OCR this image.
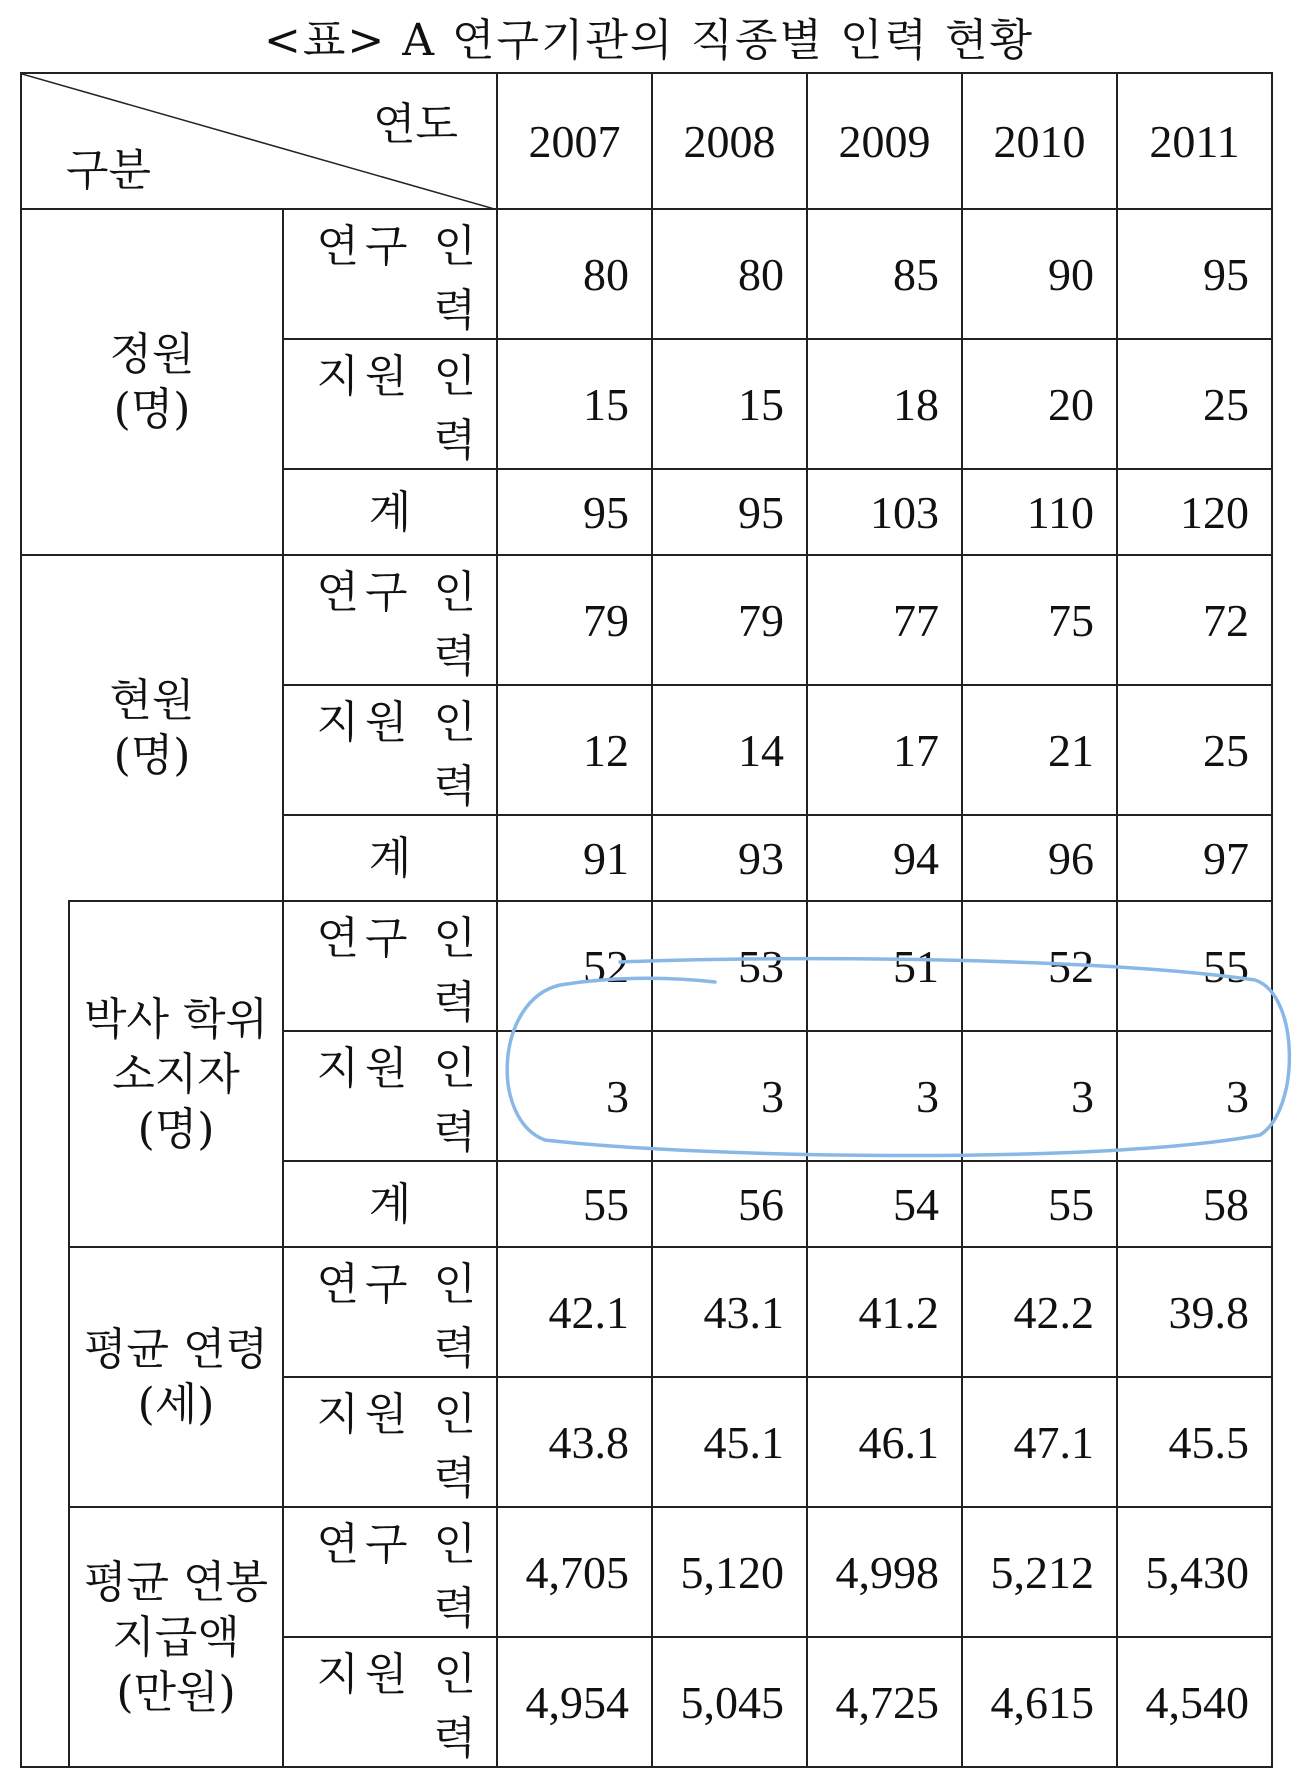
<표> A 연구기관의 직종별 인력 현황
연도
구분			2007	2008	2009	2010	2011

정원
(명)		연구 인력	80	80	85	90	95
		지원 인력	15	15	18	20	25
		계	95	95	103	110	120

현원
(명)		연구 인력	79	79	77	75	72
		지원 인력	12	14	17	21	25
		계	91	93	94	96	97

	박사 학위
소지자
(명)	연구 인력	52	53	51	52	55
		지원 인력	3	3	3	3	3
		계	55	56	54	55	58

	평균 연령
(세)	연구 인력	42.1	43.1	41.2	42.2	39.8
		지원 인력	43.8	45.1	46.1	47.1	45.5

	평균 연봉
지급액
(만원)	연구 인력	4,705	5,120	4,998	5,212	5,430
		지원 인력	4,954	5,045	4,725	4,615	4,540
